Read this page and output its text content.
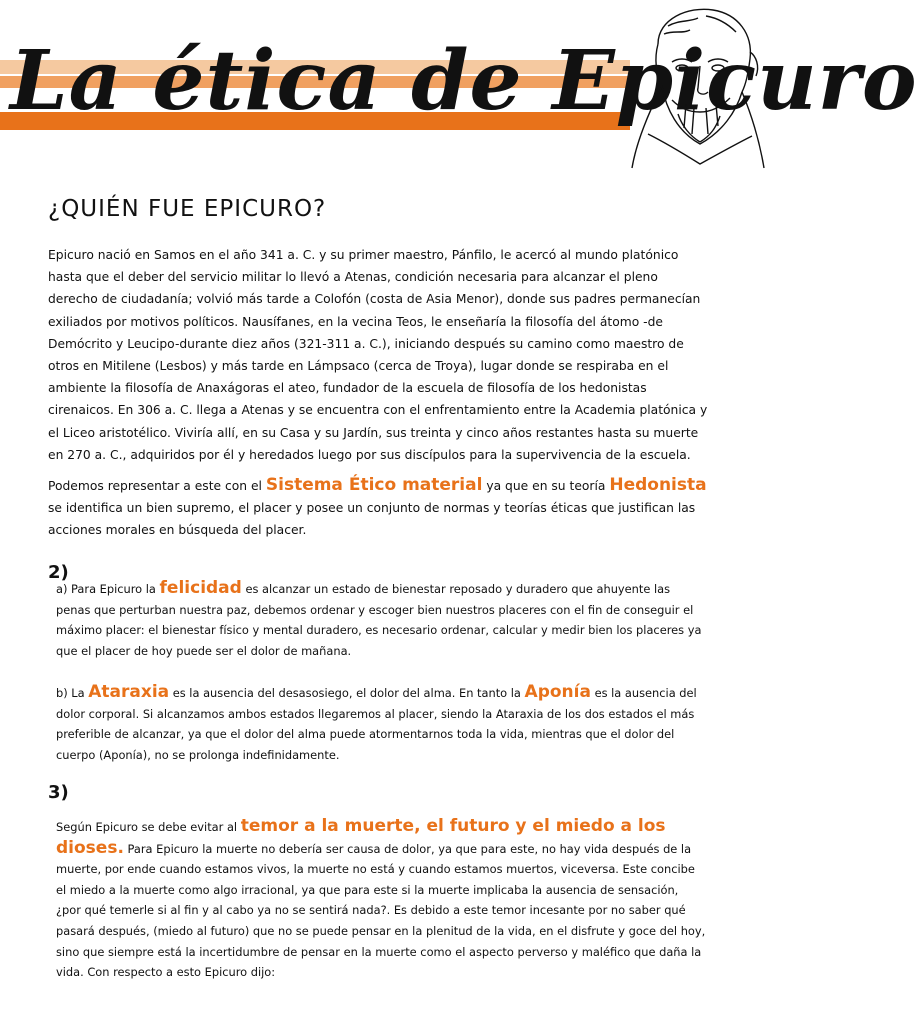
La ética de Epicuro
¿QUIÉN FUE EPICURO?
Epicuro nació en Samos en el año 341 a. C. y su primer maestro, Pánfilo, le acercó al mundo platónico hasta que el deber del servicio militar lo llevó a Atenas, condición necesaria para alcanzar el pleno derecho de ciudadanía; volvió más tarde a Colofón (costa de Asia Menor), donde sus padres permanecían exiliados por motivos políticos. Nausífanes, en la vecina Teos, le enseñaría la filosofía del átomo -de Demócrito y Leucipo-durante diez años (321-311 a. C.), iniciando después su camino como maestro de otros en Mitilene (Lesbos) y más tarde en Lámpsaco (cerca de Troya), lugar donde se respiraba en el ambiente la filosofía de Anaxágoras el ateo, fundador de la escuela de filosofía de los hedonistas cirenaicos. En 306 a. C. llega a Atenas y se encuentra con el enfrentamiento entre la Academia platónica y el Liceo aristotélico. Viviría allí, en su Casa y su Jardín, sus treinta y cinco años restantes hasta su muerte en 270 a. C., adquiridos por él y heredados luego por sus discípulos para la supervivencia de la escuela.
Podemos representar a este con el Sistema Ético material ya que en su teoría Hedonista se identifica un bien supremo, el placer y posee un conjunto de normas y teorías éticas que justifican las acciones morales en búsqueda del placer.
2)
a) Para Epicuro la felicidad es alcanzar un estado de bienestar reposado y duradero que ahuyente las penas que perturban nuestra paz, debemos ordenar y escoger bien nuestros placeres con el fin de conseguir el máximo placer: el bienestar físico y mental duradero, es necesario ordenar, calcular y medir bien los placeres ya que el placer de hoy puede ser el dolor de mañana.
b) La Ataraxia es la ausencia del desasosiego, el dolor del alma. En tanto la Aponía es la ausencia del dolor corporal. Si alcanzamos ambos estados llegaremos al placer, siendo la Ataraxia de los dos estados el más preferible de alcanzar, ya que el dolor del alma puede atormentarnos toda la vida, mientras que el dolor del cuerpo (Aponía), no se prolonga indefinidamente.
3)
Según Epicuro se debe evitar al temor a la muerte, el futuro y el miedo a los dioses. Para Epicuro la muerte no debería ser causa de dolor, ya que para este, no hay vida después de la muerte, por ende cuando estamos vivos, la muerte no está y cuando estamos muertos, viceversa. Este concibe el miedo a la muerte como algo irracional, ya que para este si la muerte implicaba la ausencia de sensación, ¿por qué temerle si al fin y al cabo ya no se sentirá nada?. Es debido a este temor incesante por no saber qué pasará después, (miedo al futuro) que no se puede pensar en la plenitud de la vida, en el disfrute y goce del hoy, sino que siempre está la incertidumbre de pensar en la muerte como el aspecto perverso y maléfico que daña la vida. Con respecto a esto Epicuro dijo:
